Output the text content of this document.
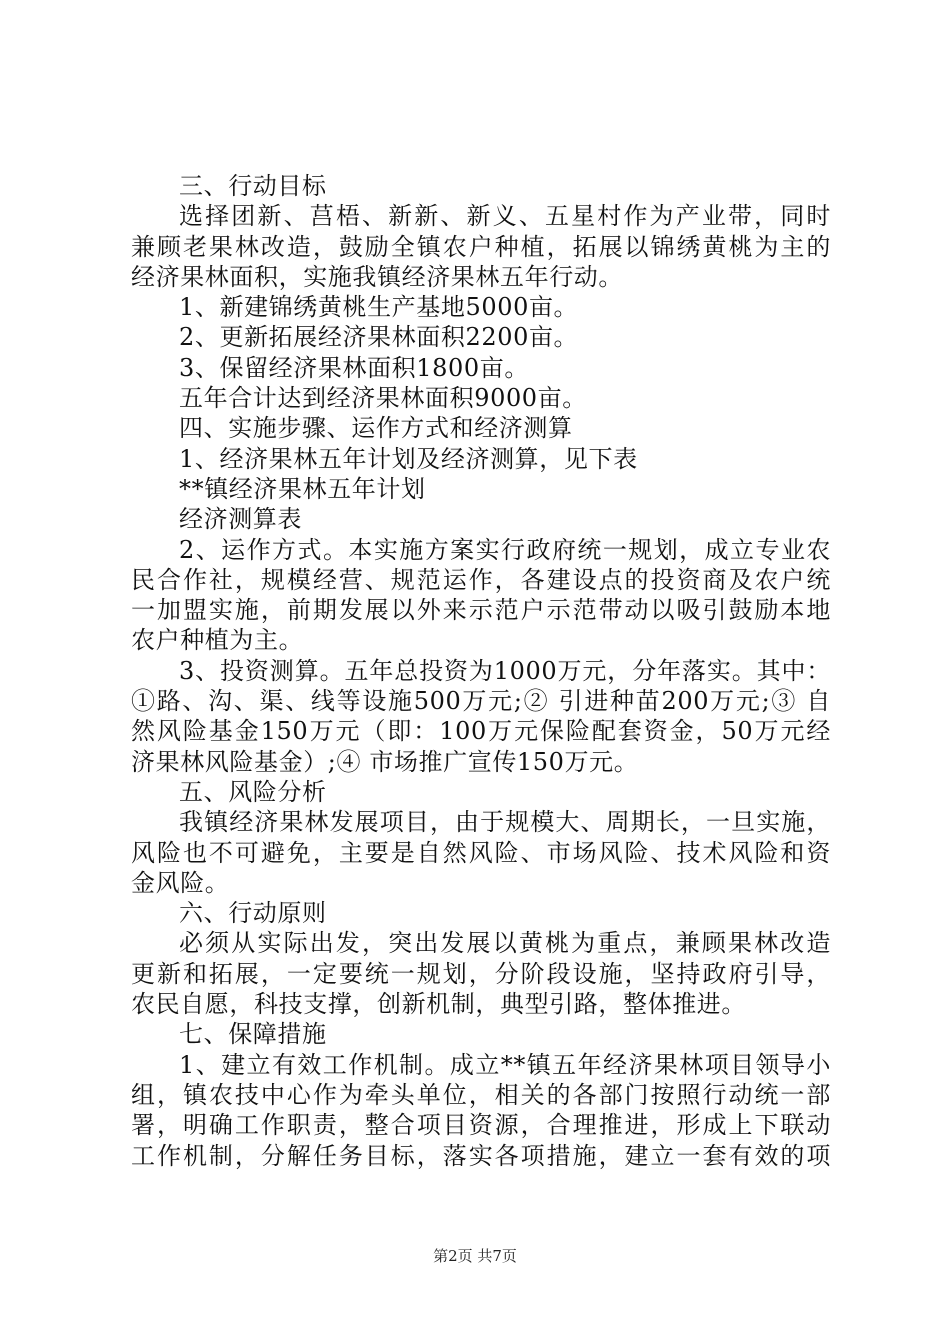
三、行动目标
选择团新、莒梧、新新、新义、五星村作为产业带，同时
兼顾老果林改造，鼓励全镇农户种植，拓展以锦绣黄桃为主的
经济果林面积，实施我镇经济果林五年行动。
1、新建锦绣黄桃生产基地5000亩。
2、更新拓展经济果林面积2200亩。
3、保留经济果林面积1800亩。
五年合计达到经济果林面积9000亩。
四、实施步骤、运作方式和经济测算
1、经济果林五年计划及经济测算，见下表
**镇经济果林五年计划
经济测算表
2、运作方式。本实施方案实行政府统一规划，成立专业农
民合作社，规模经营、规范运作，各建设点的投资商及农户统
一加盟实施，前期发展以外来示范户示范带动以吸引鼓励本地
农户种植为主。
3、投资测算。五年总投资为1000万元，分年落实。其中：
①路、沟、渠、线等设施500万元;② 引进种苗200万元;③ 自
然风险基金150万元（即：100万元保险配套资金，50万元经
济果林风险基金）;④ 市场推广宣传150万元。
五、风险分析
我镇经济果林发展项目，由于规模大、周期长，一旦实施，
风险也不可避免，主要是自然风险、市场风险、技术风险和资
金风险。
六、行动原则
必须从实际出发，突出发展以黄桃为重点，兼顾果林改造
更新和拓展，一定要统一规划，分阶段设施，坚持政府引导，
农民自愿，科技支撑，创新机制，典型引路，整体推进。
七、保障措施
1、建立有效工作机制。成立**镇五年经济果林项目领导小
组，镇农技中心作为牵头单位，相关的各部门按照行动统一部
署，明确工作职责，整合项目资源，合理推进，形成上下联动
工作机制，分解任务目标，落实各项措施，建立一套有效的项
第2页 共7页
